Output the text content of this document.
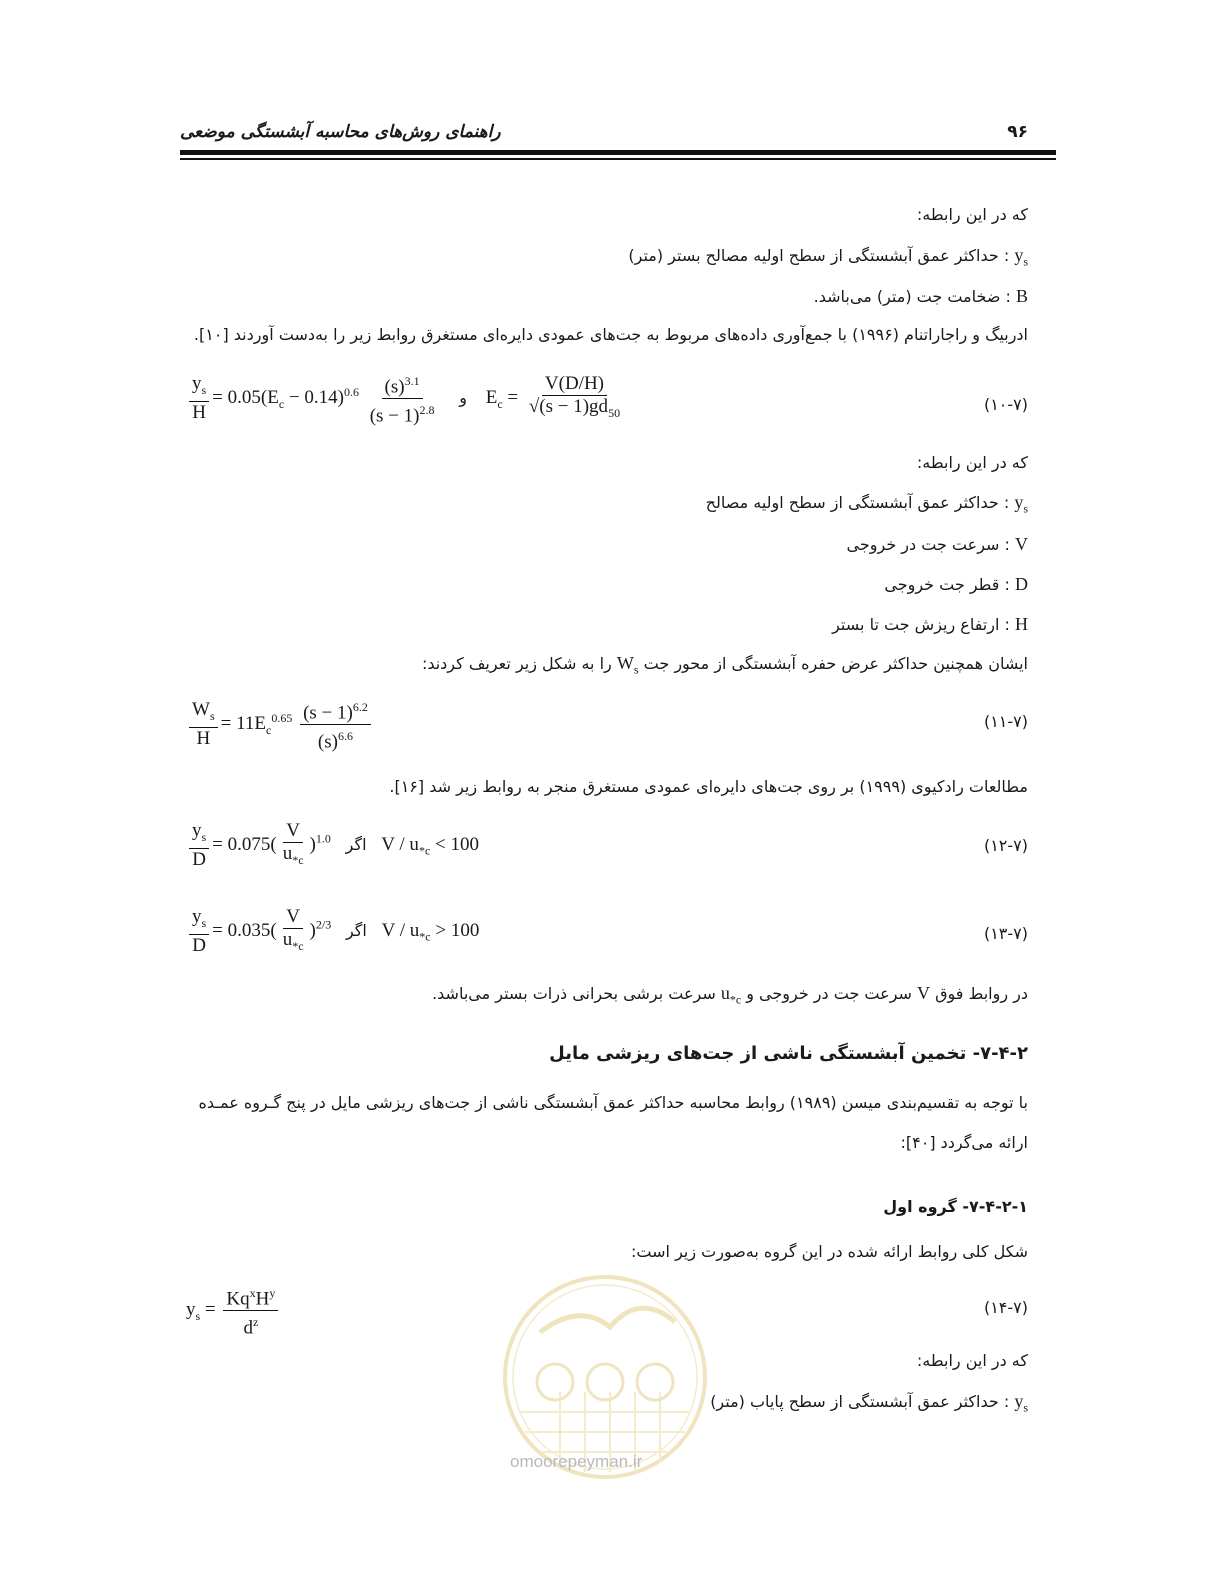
راهنمای روش‌های محاسبه آبشستگی موضعی	۹۶
که در این رابطه:
$y_s$ : حداکثر عمق آبشستگی از سطح اولیه مصالح بستر (متر)
B : ضخامت جت (متر) می‌باشد.
ادربیگ و راجاراتنام (۱۹۹۶) با جمع‌آوری داده‌های مربوط به جت‌های عمودی دایره‌ای مستغرق روابط زیر را به‌دست آوردند [۱۰].
$\frac{y_s}{H} = 0.05(E_c - 0.14)^{0.6} \frac{(s)^{3.1}}{(s - 1)^{2.8}}$ و $E_c = \frac{V(D/H)}{√(s - 1)gd_{50}}$	(۱۰-۷)
که در این رابطه:
$y_s$ : حداکثر عمق آبشستگی از سطح اولیه مصالح
V : سرعت جت در خروجی
D : قطر جت خروجی
H : ارتفاع ریزش جت تا بستر
ایشان همچنین حداکثر عرض حفره آبشستگی از محور جت $W_s$ را به شکل زیر تعریف کردند:
$\frac{W_s}{H} = 11E_c^{0.65} \frac{(s - 1)^{6.2}}{(s)^{6.6}}$	(۱۱-۷)
مطالعات رادکیوی (۱۹۹۹) بر روی جت‌های دایره‌ای عمودی مستغرق منجر به روابط زیر شد [۱۶].
$\frac{y_s}{D} = 0.075( \frac{V}{u_{*c}} )^{1.0}$ اگر $V / u_{*c} < 100$	(۱۲-۷)
$\frac{y_s}{D} = 0.035( \frac{V}{u_{*c}} )^{2/3}$ اگر $V / u_{*c} > 100$	(۱۳-۷)
در روابط فوق V سرعت جت در خروجی و $u_{*c}$ سرعت برشی بحرانی ذرات بستر می‌باشد.
۷-۴-۲- تخمین آبشستگی ناشی از جت‌های ریزشی مایل
با توجه به تقسیم‌بندی میسن (۱۹۸۹) روابط محاسبه حداکثر عمق آبشستگی ناشی از جت‌های ریزشی مایل در پنج گـروه عمـده
ارائه می‌گردد [۴۰]:
۷-۴-۲-۱- گروه اول
شکل کلی روابط ارائه شده در این گروه به‌صورت زیر است:
$y_s = \frac{Kq^xH^y}{d^z}$	(۱۴-۷)
که در این رابطه:
$y_s$ : حداکثر عمق آبشستگی از سطح پایاب (متر)
omoorepeyman.ir
